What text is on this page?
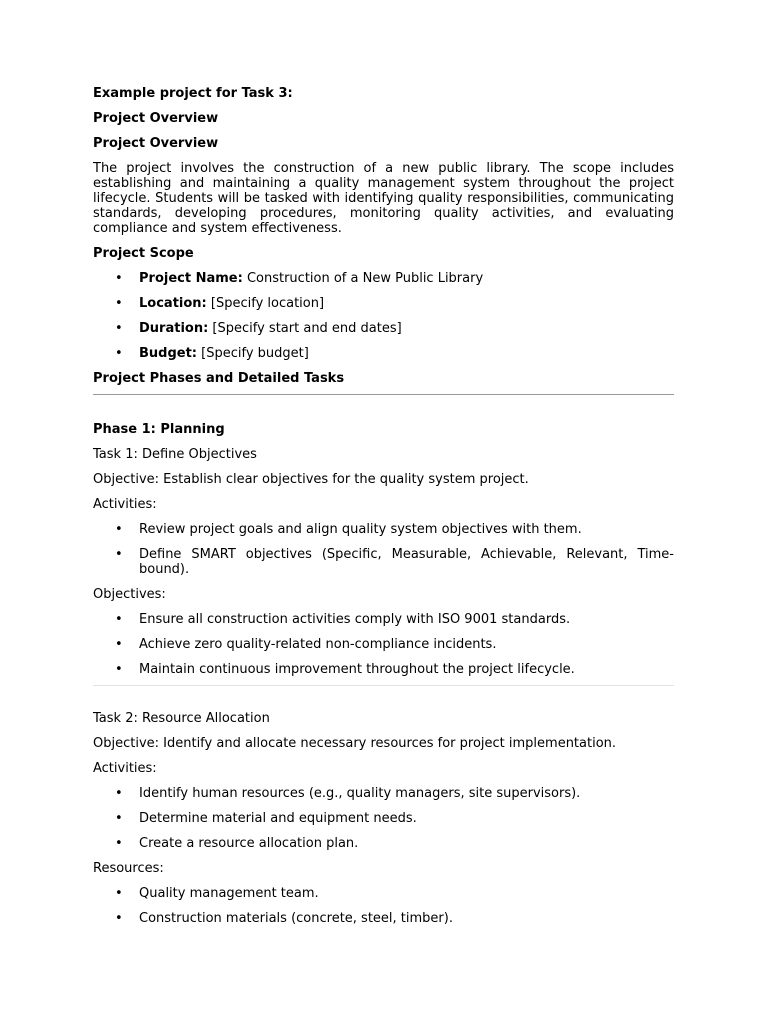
Example project for Task 3:
Project Overview
Project Overview
The project involves the construction of a new public library. The scope includes establishing and maintaining a quality management system throughout the project lifecycle. Students will be tasked with identifying quality responsibilities, communicating standards, developing procedures, monitoring quality activities, and evaluating compliance and system effectiveness.
Project Scope
• Project Name: Construction of a New Public Library
• Location: [Specify location]
• Duration: [Specify start and end dates]
• Budget: [Specify budget]
Project Phases and Detailed Tasks
Phase 1: Planning
Task 1: Define Objectives
Objective: Establish clear objectives for the quality system project.
Activities:
• Review project goals and align quality system objectives with them.
• Define SMART objectives (Specific, Measurable, Achievable, Relevant, Time-bound).
Objectives:
• Ensure all construction activities comply with ISO 9001 standards.
• Achieve zero quality-related non-compliance incidents.
• Maintain continuous improvement throughout the project lifecycle.
Task 2: Resource Allocation
Objective: Identify and allocate necessary resources for project implementation.
Activities:
• Identify human resources (e.g., quality managers, site supervisors).
• Determine material and equipment needs.
• Create a resource allocation plan.
Resources:
• Quality management team.
• Construction materials (concrete, steel, timber).
